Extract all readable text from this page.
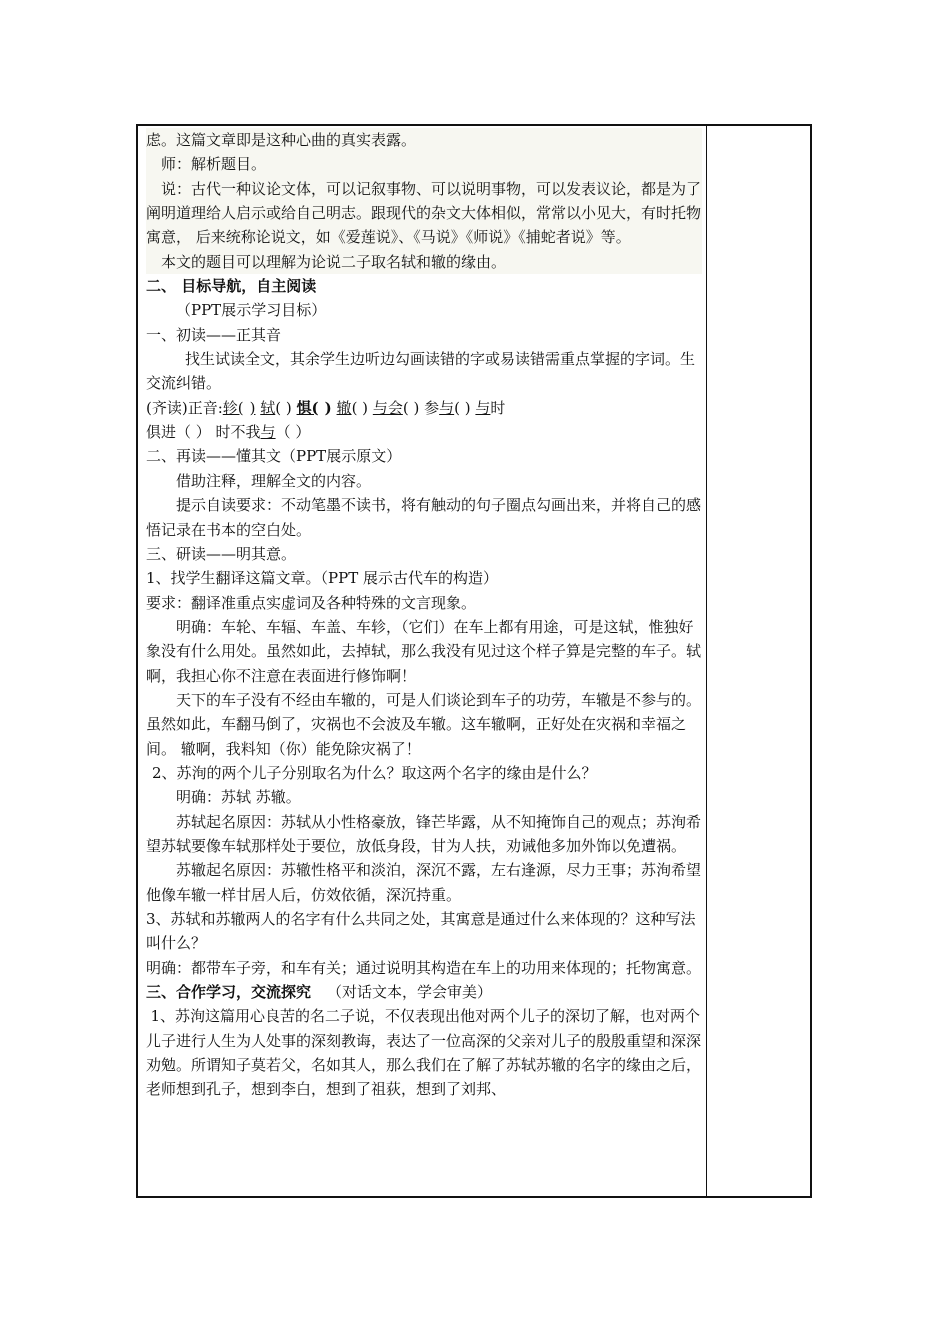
虑。这篇文章即是这种心曲的真实表露。

师：解析题目。

说：古代一种议论文体，可以记叙事物、可以说明事物，可以发表议论，都是为了阐明道理给人启示或给自己明志。跟现代的杂文大体相似，常常以小见大，有时托物寓意， 后来统称论说文，如《爱莲说》、《马说》《师说》《捕蛇者说》等。

本文的题目可以理解为论说二子取名轼和辙的缘由。

二、 目标导航，自主阅读

（PPT展示学习目标）

一、初读——正其音

找生试读全文，其余学生边听边勾画读错的字或易读错需重点掌握的字词。生交流纠错。

(齐读)正音:轸( ) 轼( ) 惧( ) 辙( ) 与会( ) 参与( ) 与时

俱进（ ） 时不我与（ ）

二、再读——懂其文（PPT展示原文）

借助注释，理解全文的内容。

提示自读要求：不动笔墨不读书，将有触动的句子圈点勾画出来，并将自己的感悟记录在书本的空白处。

三、研读——明其意。

1、找学生翻译这篇文章。（PPT 展示古代车的构造）

要求：翻译准重点实虚词及各种特殊的文言现象。

明确：车轮、车辐、车盖、车轸，（它们）在车上都有用途，可是这轼，惟独好象没有什么用处。虽然如此，去掉轼，那么我没有见过这个样子算是完整的车子。轼啊，我担心你不注意在表面进行修饰啊！

天下的车子没有不经由车辙的，可是人们谈论到车子的功劳，车辙是不参与的。虽然如此，车翻马倒了，灾祸也不会波及车辙。这车辙啊，正好处在灾祸和幸福之间。 辙啊，我料知（你）能免除灾祸了！

2、苏洵的两个儿子分别取名为什么？取这两个名字的缘由是什么？

明确：苏轼 苏辙。

苏轼起名原因：苏轼从小性格豪放，锋芒毕露，从不知掩饰自己的观点；苏洵希望苏轼要像车轼那样处于要位，放低身段，甘为人扶，劝诫他多加外饰以免遭祸。

苏辙起名原因：苏辙性格平和淡泊，深沉不露，左右逢源，尽力王事；苏洵希望他像车辙一样甘居人后，仿效依循，深沉持重。

3、苏轼和苏辙两人的名字有什么共同之处，其寓意是通过什么来体现的？这种写法叫什么？

明确：都带车子旁，和车有关；通过说明其构造在车上的功用来体现的；托物寓意。

三、合作学习，交流探究 （对话文本，学会审美）

1、苏洵这篇用心良苦的名二子说，不仅表现出他对两个儿子的深切了解，也对两个儿子进行人生为人处事的深刻教诲，表达了一位高深的父亲对儿子的殷殷重望和深深劝勉。所谓知子莫若父，名如其人，那么我们在了解了苏轼苏辙的名字的缘由之后，老师想到孔子，想到李白，想到了祖荻，想到了刘邦、
